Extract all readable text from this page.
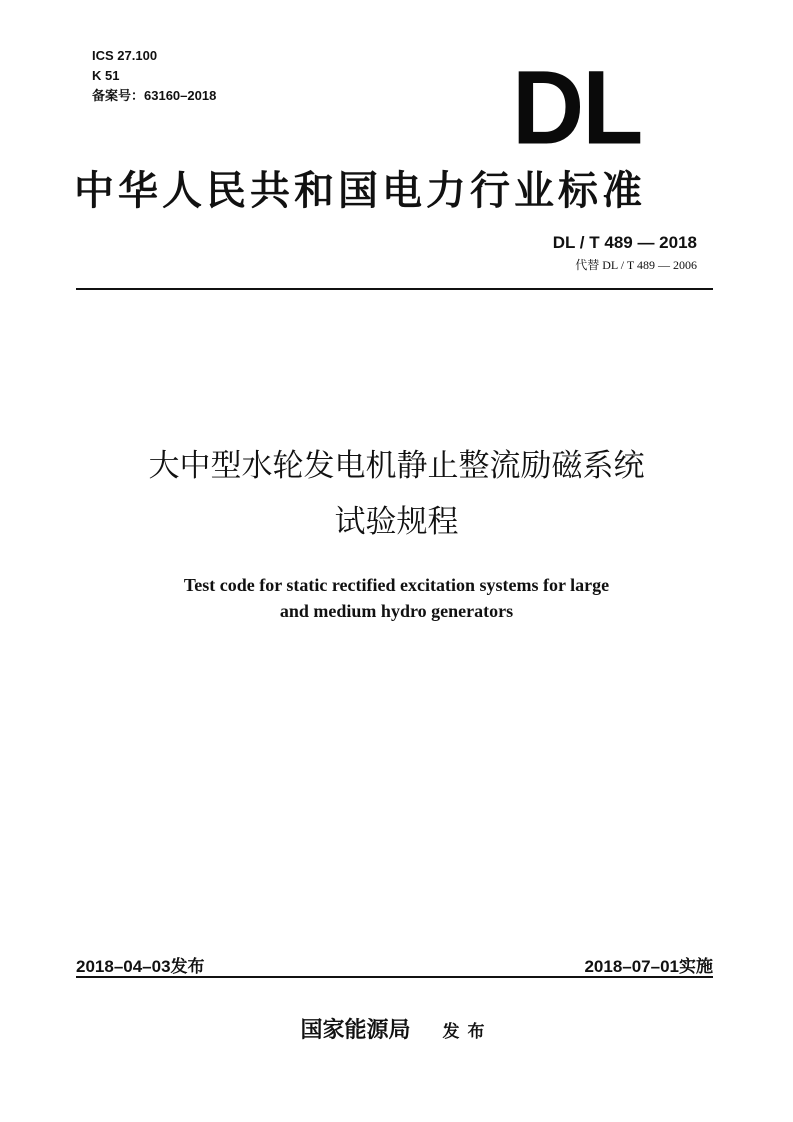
ICS 27.100
K 51
备案号：63160–2018	DL
中华人民共和国电力行业标准
DL / T 489 — 2018
代替 DL / T 489 — 2006
大中型水轮发电机静止整流励磁系统
试验规程
Test code for static rectified excitation systems for large
and medium hydro generators
2018–04–03发布	2018–07–01实施
国家能源局 发布
